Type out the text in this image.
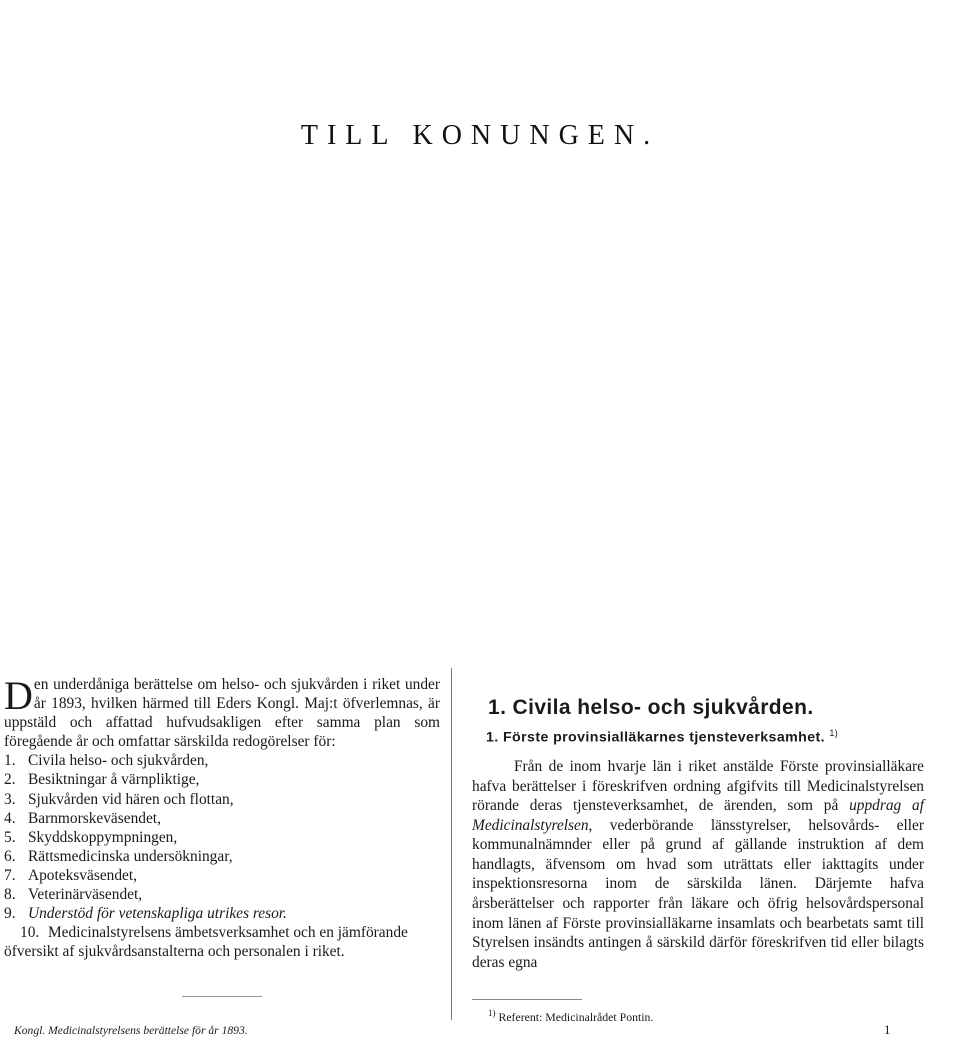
TILL KONUNGEN.

Den underdåniga berättelse om helso- och sjukvården i riket under år 1893, hvilken härmed till Eders Kongl. Maj:t öfverlemnas, är uppstäld och affattad hufvudsakligen efter samma plan som föregående år och omfattar särskilda redogörelser för:

1. Civila helso- och sjukvården,
2. Besiktningar å värnpliktige,
3. Sjukvården vid hären och flottan,
4. Barnmorskeväsendet,
5. Skyddskoppympningen,
6. Rättsmedicinska undersökningar,
7. Apoteksväsendet,
8. Veterinärväsendet,
9. Understöd för vetenskapliga utrikes resor.
10. Medicinalstyrelsens ämbetsverksamhet och en jämförande öfversikt af sjukvårdsanstalterna och personalen i riket.
1. Civila helso- och sjukvården.
1. Förste provinsialläkarnes tjensteverksamhet. $^{1)}$

Från de inom hvarje län i riket anstälde Förste provinsialläkare hafva berättelser i föreskrifven ordning afgifvits till Medicinalstyrelsen rörande deras tjensteverksamhet, de ärenden, som på uppdrag af Medicinalstyrelsen, vederbörande länsstyrelser, helsovårds- eller kommunalnämnder eller på grund af gällande instruktion af dem handlagts, äfvensom om hvad som uträttats eller iakttagits under inspektionsresorna inom de särskilda länen. Därjemte hafva årsberättelser och rapporter från läkare och öfrig helsovårdspersonal inom länen af Förste provinsialläkarne insamlats och bearbetats samt till Styrelsen insändts antingen å särskild därför föreskrifven tid eller bilagts deras egna

$^{1)}$ Referent: Medicinalrådet Pontin.
Kongl. Medicinalstyrelsens berättelse för år 1893.	1
